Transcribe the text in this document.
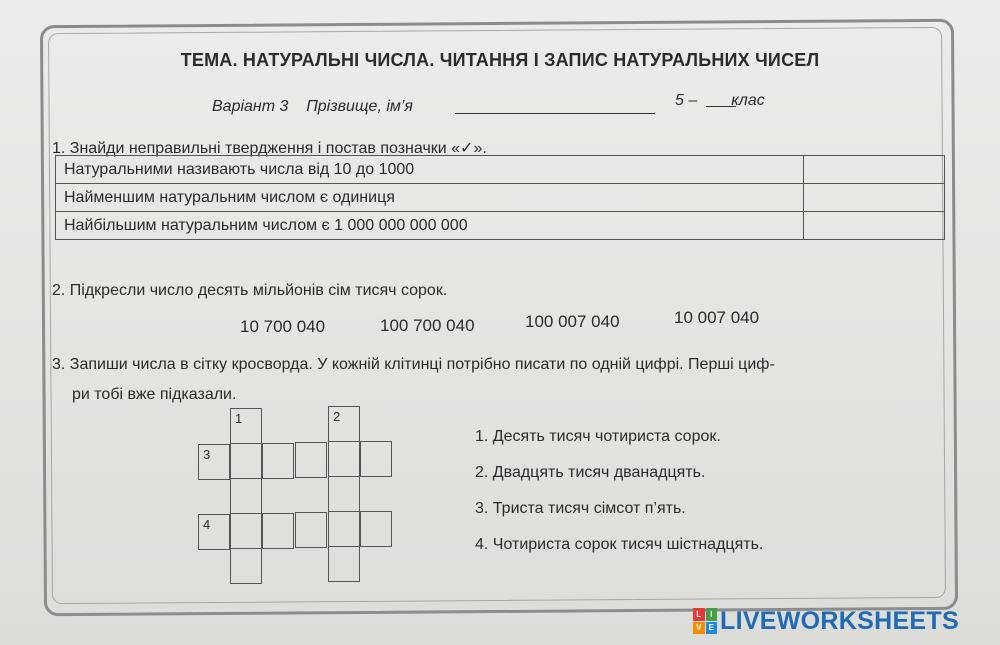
ТЕМА. НАТУРАЛЬНІ ЧИСЛА. ЧИТАННЯ І ЗАПИС НАТУРАЛЬНИХ ЧИСЕЛ
Варіант 3 Прізвище, ім’я	5 – клас
1. Знайди неправильні твердження і постав позначки «✓».
Натуральними називають числа від 10 до 1000	
Найменшим натуральним числом є одиниця	
Найбільшим натуральним числом є 1 000 000 000 000	
2. Підкресли число десять мільйонів сім тисяч сорок.
10 700 040	100 700 040	100 007 040	10 007 040
3. Запиши числа в сітку кросворда. У кожній клітинці потрібно писати по одній цифрі. Перші циф-
ри тобі вже підказали.
1	2
3
4
1. Десять тисяч чотириста сорок.
2. Двадцять тисяч дванадцять.
3. Триста тисяч сімсот п’ять.
4. Чотириста сорок тисяч шістнадцять.
L	I
V E LIVEWORKSHEETS
